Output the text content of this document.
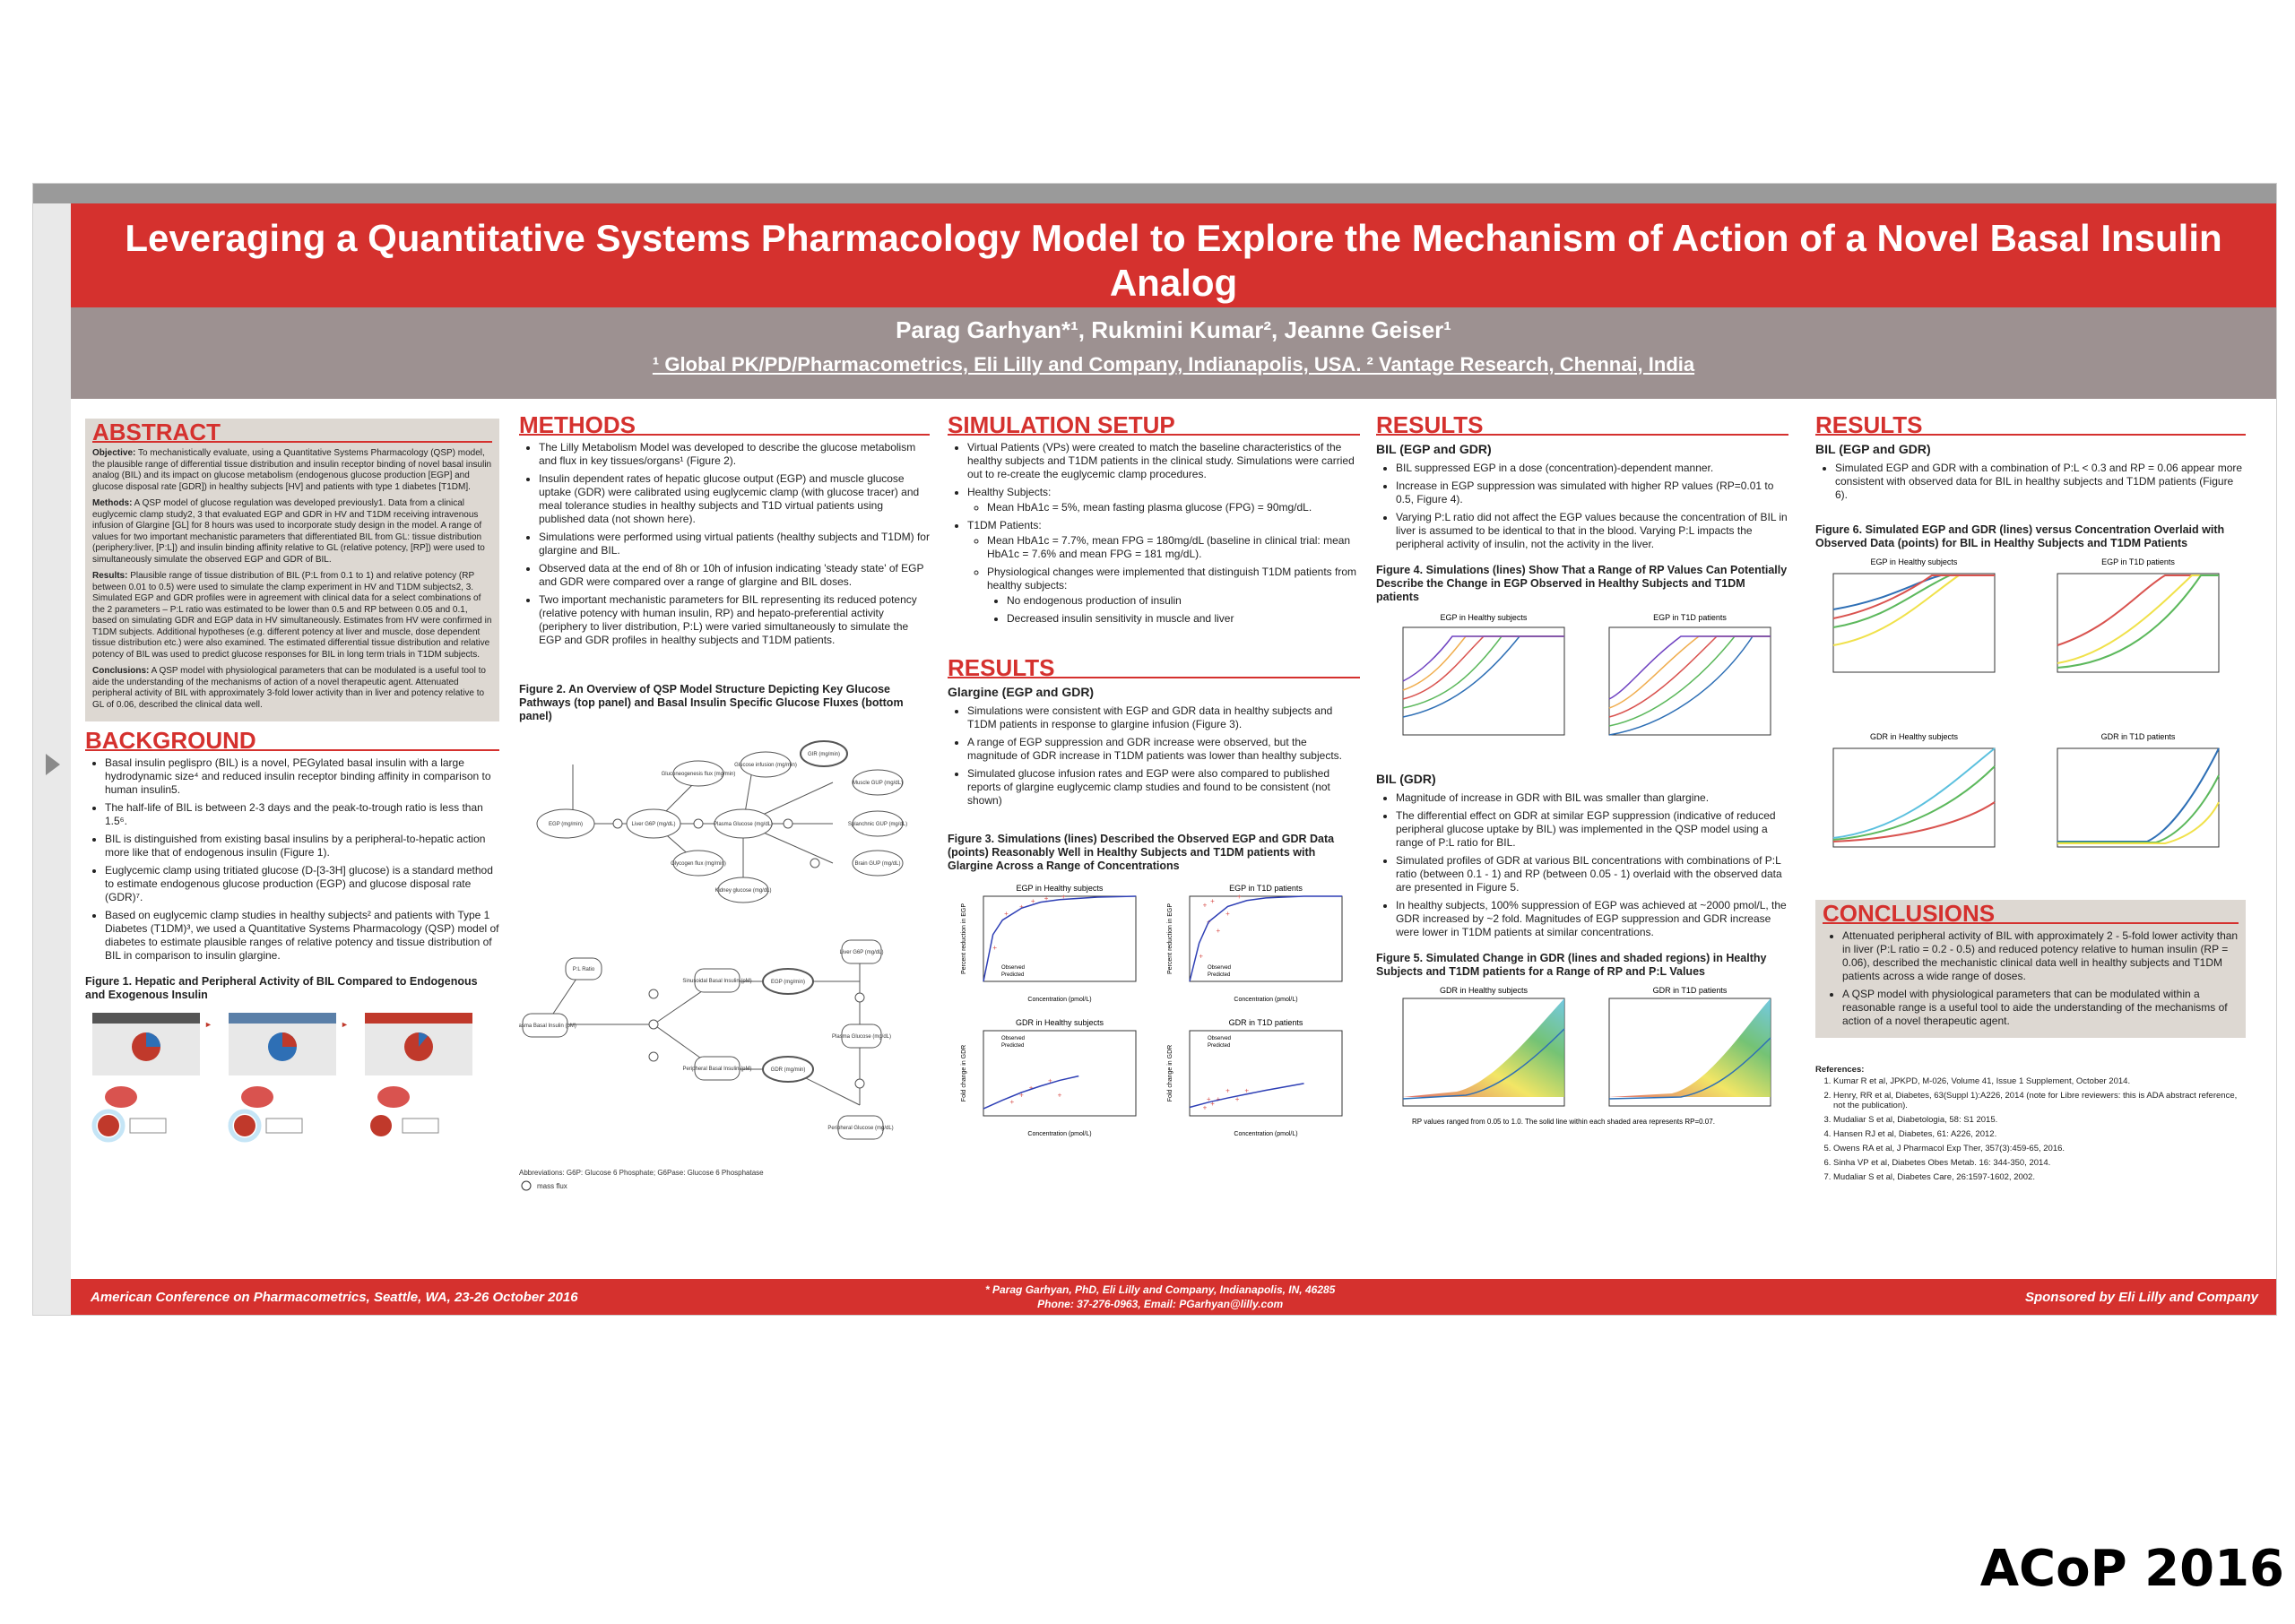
Leveraging a Quantitative Systems Pharmacology Model to Explore the Mechanism of Action of a Novel Basal Insulin Analog
Parag Garhyan*¹, Rukmini Kumar², Jeanne Geiser¹
¹ Global PK/PD/Pharmacometrics, Eli Lilly and Company, Indianapolis, USA. ² Vantage Research, Chennai, India
ABSTRACT
Objective: To mechanistically evaluate, using a Quantitative Systems Pharmacology (QSP) model, the plausible range of differential tissue distribution and insulin receptor binding of novel basal insulin analog (BIL) and its impact on glucose metabolism (endogenous glucose production [EGP] and glucose disposal rate [GDR]) in healthy subjects [HV] and patients with type 1 diabetes [T1DM].
Methods: A QSP model of glucose regulation was developed previously1. Data from a clinical euglycemic clamp study2, 3 that evaluated EGP and GDR in HV and T1DM receiving intravenous infusion of Glargine [GL] for 8 hours was used to incorporate study design in the model. A range of values for two important mechanistic parameters that differentiated BIL from GL: tissue distribution (periphery:liver, [P:L]) and insulin binding affinity relative to GL (relative potency, [RP]) were used to simultaneously simulate the observed EGP and GDR of BIL.
Results: Plausible range of tissue distribution of BIL (P:L from 0.1 to 1) and relative potency (RP between 0.01 to 0.5) were used to simulate the clamp experiment in HV and T1DM subjects2, 3. Simulated EGP and GDR profiles were in agreement with clinical data for a select combinations of the 2 parameters – P:L ratio was estimated to be lower than 0.5 and RP between 0.05 and 0.1, based on simulating GDR and EGP data in HV simultaneously. Estimates from HV were confirmed in T1DM subjects. Additional hypotheses (e.g. different potency at liver and muscle, dose dependent tissue distribution etc.) were also examined. The estimated differential tissue distribution and relative potency of BIL was used to predict glucose responses for BIL in long term trials in T1DM subjects.
Conclusions: A QSP model with physiological parameters that can be modulated is a useful tool to aide the understanding of the mechanisms of action of a novel therapeutic agent. Attenuated peripheral activity of BIL with approximately 3-fold lower activity than in liver and potency relative to GL of 0.06, described the clinical data well.
BACKGROUND
• Basal insulin peglispro (BIL) is a novel, PEGylated basal insulin with a large hydrodynamic size⁴ and reduced insulin receptor binding affinity in comparison to human insulin5.
• The half-life of BIL is between 2-3 days and the peak-to-trough ratio is less than 1.5⁶.
• BIL is distinguished from existing basal insulins by a peripheral-to-hepatic action more like that of endogenous insulin (Figure 1).
• Euglycemic clamp using tritiated glucose (D-[3-3H] glucose) is a standard method to estimate endogenous glucose production (EGP) and glucose disposal rate (GDR)⁷.
• Based on euglycemic clamp studies in healthy subjects² and patients with Type 1 Diabetes (T1DM)³, we used a Quantitative Systems Pharmacology (QSP) model of diabetes to estimate plausible ranges of relative potency and tissue distribution of BIL in comparison to insulin glargine.
Figure 1. Hepatic and Peripheral Activity of BIL Compared to Endogenous and Exogenous Insulin
►	►
METHODS
• The Lilly Metabolism Model was developed to describe the glucose metabolism and flux in key tissues/organs¹ (Figure 2).
• Insulin dependent rates of hepatic glucose output (EGP) and muscle glucose uptake (GDR) were calibrated using euglycemic clamp (with glucose tracer) and meal tolerance studies in healthy subjects and T1D virtual patients using published data (not shown here).
• Simulations were performed using virtual patients (healthy subjects and T1DM) for glargine and BIL.
• Observed data at the end of 8h or 10h of infusion indicating 'steady state' of EGP and GDR were compared over a range of glargine and BIL doses.
• Two important mechanistic parameters for BIL representing its reduced potency (relative potency with human insulin, RP) and hepato-preferential activity (periphery to liver distribution, P:L) were varied simultaneously to simulate the EGP and GDR profiles in healthy subjects and T1DM patients.
Figure 2. An Overview of QSP Model Structure Depicting Key Glucose Pathways (top panel) and Basal Insulin Specific Glucose Fluxes (bottom panel)
EGP (mg/min)	Liver G6P (mg/dL)
Gluconeogenesis flux (mg/min)
Glucose infusion (mg/min)
GIR (mg/min)
Plasma Glucose (mg/dL)
Glycogen flux (mg/min)
Kidney glucose (mg/dL)
Muscle GUP (mg/dL)
Splanchnic GUP (mg/dL)
Brain GUP (mg/dL)
P:L Ratio
Plasma Basal Insulin (pM)
Sinusoidal Basal Insulin (pM)
Peripheral Basal Insulin (pM)
EGP (mg/min)
GDR (mg/min)
Liver G6P (mg/dL)
Plasma Glucose (mg/dL)
Peripheral Glucose (mg/dL)
Abbreviations: G6P: Glucose 6 Phosphate; G6Pase: Glucose 6 Phosphatase
mass flux
SIMULATION SETUP
• Virtual Patients (VPs) were created to match the baseline characteristics of the healthy subjects and T1DM patients in the clinical study. Simulations were carried out to re-create the euglycemic clamp procedures.
• Healthy Subjects:
◦ Mean HbA1c = 5%, mean fasting plasma glucose (FPG) = 90mg/dL.
• T1DM Patients:
◦ Mean HbA1c = 7.7%, mean FPG = 180mg/dL (baseline in clinical trial: mean HbA1c = 7.6% and mean FPG = 181 mg/dL).
◦ Physiological changes were implemented that distinguish T1DM patients from healthy subjects:
• No endogenous production of insulin
• Decreased insulin sensitivity in muscle and liver
RESULTS
Glargine (EGP and GDR)
• Simulations were consistent with EGP and GDR data in healthy subjects and T1DM patients in response to glargine infusion (Figure 3).
• A range of EGP suppression and GDR increase were observed, but the magnitude of GDR increase in T1DM patients was lower than healthy subjects.
• Simulated glucose infusion rates and EGP were also compared to published reports of glargine euglycemic clamp studies and found to be consistent (not shown)
Figure 3. Simulations (lines) Described the Observed EGP and GDR Data (points) Reasonably Well in Healthy Subjects and T1DM patients with Glargine Across a Range of Concentrations
EGP in Healthy subjects
Concentration (pmol/L)
Percent reduction in EGP	+
+
+
+ + +
Observed
Predicted
EGP in T1D patients
Concentration (pmol/L)
Percent reduction in EGP	+
+
+
+
+
+
+
Observed
Predicted
GDR in Healthy subjects
Concentration (pmol/L)
Fold change in GDR
+
+
+
+
+
Observed
Predicted
GDR in T1D patients
Concentration (pmol/L)
Fold change in GDR
+
+
+
+
+
+
+
Observed
Predicted
RESULTS
BIL (EGP and GDR)
• BIL suppressed EGP in a dose (concentration)-dependent manner.
• Increase in EGP suppression was simulated with higher RP values (RP=0.01 to 0.5, Figure 4).
• Varying P:L ratio did not affect the EGP values because the concentration of BIL in liver is assumed to be identical to that in the blood. Varying P:L impacts the peripheral activity of insulin, not the activity in the liver.
Figure 4. Simulations (lines) Show That a Range of RP Values Can Potentially Describe the Change in EGP Observed in Healthy Subjects and T1DM patients
EGP in Healthy subjects	EGP in T1D patients
BIL (GDR)
• Magnitude of increase in GDR with BIL was smaller than glargine.
• The differential effect on GDR at similar EGP suppression (indicative of reduced peripheral glucose uptake by BIL) was implemented in the QSP model using a range of P:L ratio for BIL.
• Simulated profiles of GDR at various BIL concentrations with combinations of P:L ratio (between 0.1 - 1) and RP (between 0.05 - 1) overlaid with the observed data are presented in Figure 5.
• In healthy subjects, 100% suppression of EGP was achieved at ~2000 pmol/L, the GDR increased by ~2 fold. Magnitudes of EGP suppression and GDR increase were lower in T1DM patients at similar concentrations.
Figure 5. Simulated Change in GDR (lines and shaded regions) in Healthy Subjects and T1DM patients for a Range of RP and P:L Values
GDR in Healthy subjects	GDR in T1D patients
RP values ranged from 0.05 to 1.0. The solid line within each shaded area represents RP=0.07.
RESULTS
BIL (EGP and GDR)
• Simulated EGP and GDR with a combination of P:L < 0.3 and RP = 0.06 appear more consistent with observed data for BIL in healthy subjects and T1DM patients (Figure 6).
Figure 6. Simulated EGP and GDR (lines) versus Concentration Overlaid with Observed Data (points) for BIL in Healthy Subjects and T1DM Patients
EGP in Healthy subjects	EGP in T1D patients
GDR in Healthy subjects	GDR in T1D patients
CONCLUSIONS
• Attenuated peripheral activity of BIL with approximately 2 - 5-fold lower activity than in liver (P:L ratio = 0.2 - 0.5) and reduced potency relative to human insulin (RP = 0.06), described the mechanistic clinical data well in healthy subjects and T1DM patients across a wide range of doses.
• A QSP model with physiological parameters that can be modulated within a reasonable range is a useful tool to aide the understanding of the mechanisms of action of a novel therapeutic agent.
References:
1. Kumar R et al, JPKPD, M-026, Volume 41, Issue 1 Supplement, October 2014.
2. Henry, RR et al, Diabetes, 63(Suppl 1):A226, 2014 (note for Libre reviewers: this is ADA abstract reference, not the publication).
3. Mudaliar S et al, Diabetologia, 58: S1 2015.
4. Hansen RJ et al, Diabetes, 61: A226, 2012.
5. Owens RA et al, J Pharmacol Exp Ther, 357(3):459-65, 2016.
6. Sinha VP et al, Diabetes Obes Metab. 16: 344-350, 2014.
7. Mudaliar S et al, Diabetes Care, 26:1597-1602, 2002.
American Conference on Pharmacometrics, Seattle, WA, 23-26 October 2016	* Parag Garhyan, PhD, Eli Lilly and Company, Indianapolis, IN, 46285
Phone: 37-276-0963, Email: PGarhyan@lilly.com	Sponsored by Eli Lilly and Company
ACoP 2016
